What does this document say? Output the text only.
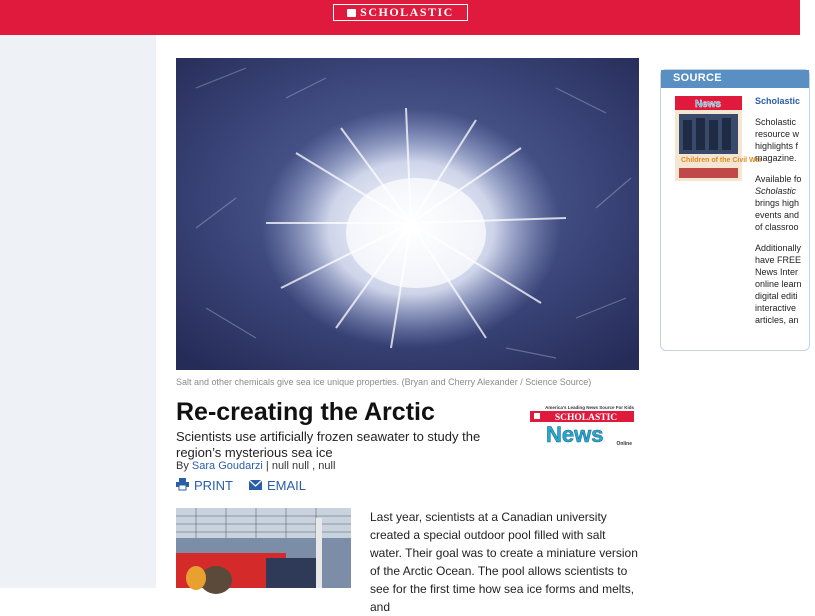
SCHOLASTIC
Salt and other chemicals give sea ice unique properties. (Bryan and Cherry Alexander / Science Source)
Re-creating the Arctic
Scientists use artificially frozen seawater to study the region’s mysterious sea ice
By Sara Goudarzi | null null , null
America's Leading News Source For Kids
SCHOLASTIC
News	Online
PRINT	EMAIL
Last year, scientists at a Canadian university created a special outdoor pool filled with salt water. Their goal was to create a miniature version of the Arctic Ocean. The pool allows scientists to see for the first time how sea ice forms and melts, and
SOURCE
News
Children of the Civil War
Scholastic
Scholastic
resource w
highlights f
magazine.
Available fo
Scholastic
brings high
events and
of classroo
Additionally
have FREE
News Inter
online learn
digital editi
interactive
articles, an
